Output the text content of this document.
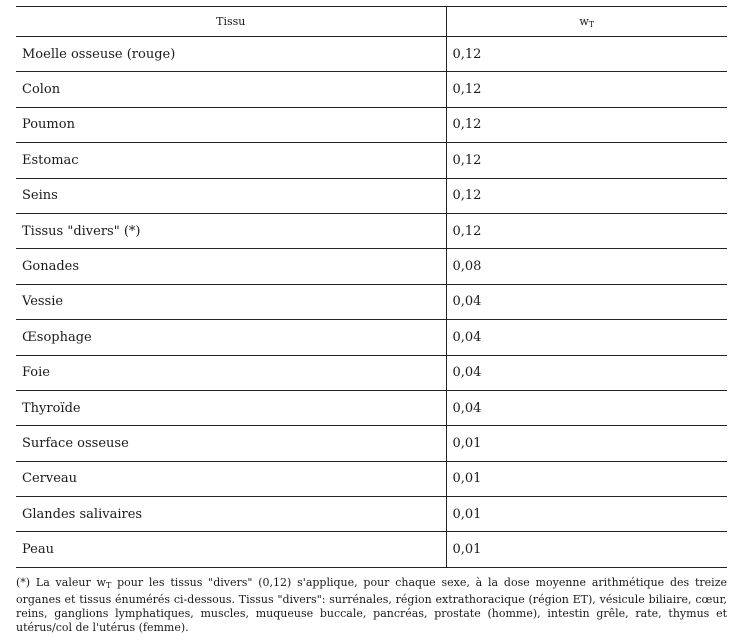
Tissu	$w_T$
Moelle osseuse (rouge)	0,12
Colon	0,12
Poumon	0,12
Estomac	0,12
Seins	0,12
Tissus "divers" (*)	0,12
Gonades	0,08
Vessie	0,04
Œsophage	0,04
Foie	0,04
Thyroïde	0,04
Surface osseuse	0,01
Cerveau	0,01
Glandes salivaires	0,01
Peau	0,01
(*) La valeur $w_T$ pour les tissus "divers" (0,12) s'applique, pour chaque sexe, à la dose moyenne arithmétique des treize organes et tissus énumérés ci-dessous. Tissus "divers": surrénales, région extrathoracique (région ET), vésicule biliaire, cœur, reins, ganglions lymphatiques, muscles, muqueuse buccale, pancréas, prostate (homme), intestin grêle, rate, thymus et utérus/col de l'utérus (femme).
